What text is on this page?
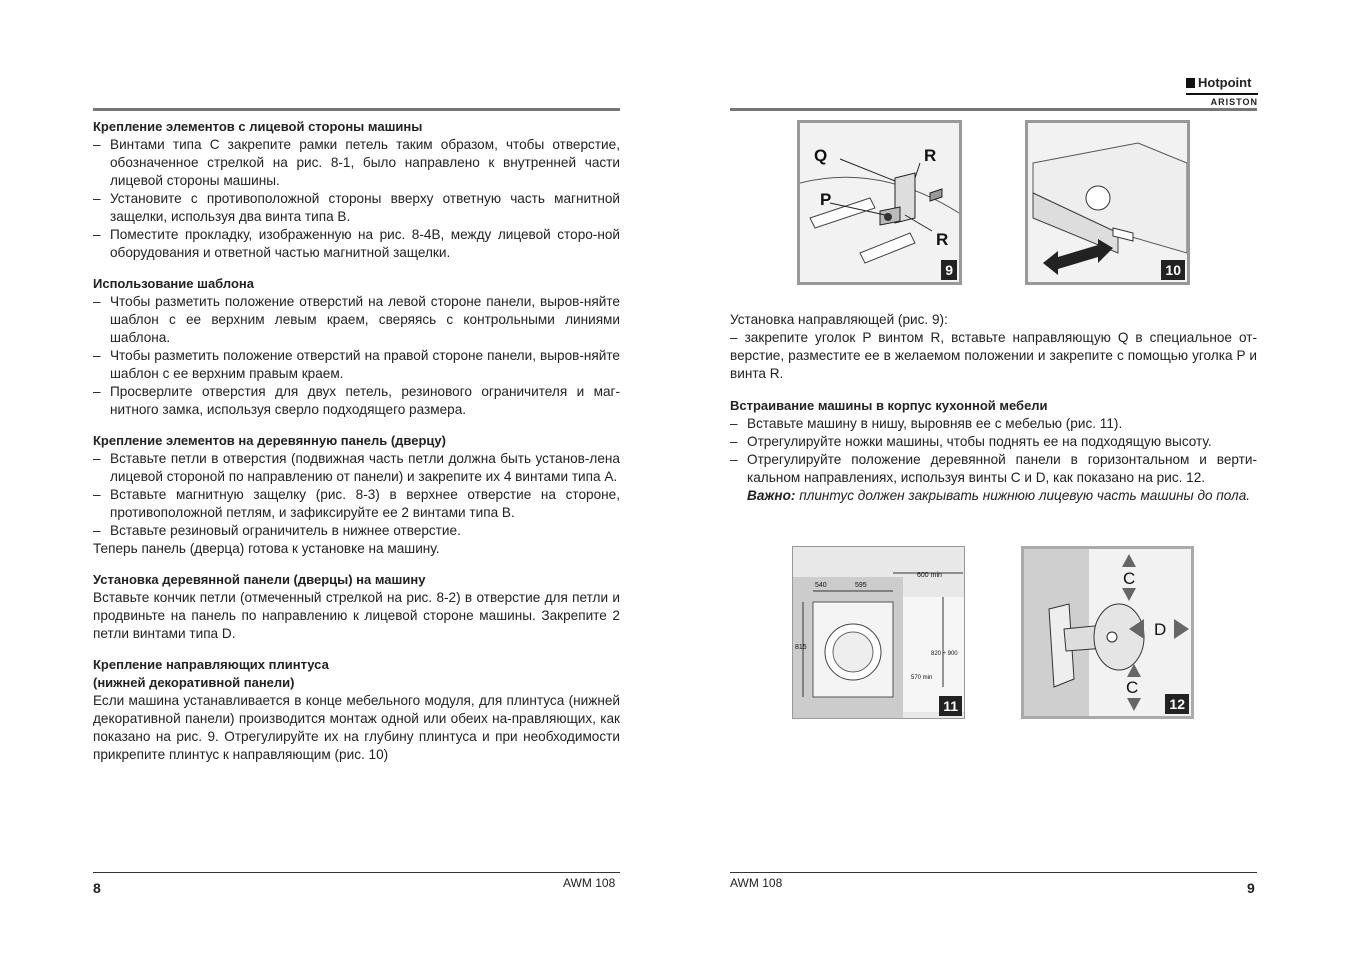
Крепление элементов с лицевой стороны машины
– Винтами типа C закрепите рамки петель таким образом, чтобы отверстие, обозначенное стрелкой на рис. 8-1, было направлено к внутренней части лицевой стороны машины.
– Установите с противоположной стороны вверху ответную часть магнитной защелки, используя два винта типа B.
– Поместите прокладку, изображенную на рис. 8-4B, между лицевой сторо-ной оборудования и ответной частью магнитной защелки.
Использование шаблона
– Чтобы разметить положение отверстий на левой стороне панели, выров-няйте шаблон с ее верхним левым краем, сверяясь с контрольными линиями шаблона.
– Чтобы разметить положение отверстий на правой стороне панели, выров-няйте шаблон с ее верхним правым краем.
– Просверлите отверстия для двух петель, резинового ограничителя и маг-нитного замка, используя сверло подходящего размера.
Крепление элементов на деревянную панель (дверцу)
– Вставьте петли в отверстия (подвижная часть петли должна быть установ-лена лицевой стороной по направлению от панели) и закрепите их 4 винтами типа A.
– Вставьте магнитную защелку (рис. 8-3) в верхнее отверстие на стороне, противоположной петлям, и зафиксируйте ее 2 винтами типа B.
– Вставьте резиновый ограничитель в нижнее отверстие.

Теперь панель (дверца) готова к установке на машину.

Установка деревянной панели (дверцы) на машину

Вставьте кончик петли (отмеченный стрелкой на рис. 8-2) в отверстие для петли и продвиньте на панель по направлению к лицевой стороне машины. Закрепите 2 петли винтами типа D.

Крепление направляющих плинтуса
(нижней декоративной панели)

Если машина устанавливается в конце мебельного модуля, для плинтуса (нижней декоративной панели) производится монтаж одной или обеих на-правляющих, как показано на рис. 9. Отрегулируйте их на глубину плинтуса и при необходимости прикрепите плинтус к направляющим (рис. 10)

8	AWM 108
Hotpoint
ARISTON
Q	R
P
R
9	10

Установка направляющей (рис. 9):

– закрепите уголок P винтом R, вставьте направляющую Q в специальное от-верстие, разместите ее в желаемом положении и закрепите с помощью уголка P и винта R.

Встраивание машины в корпус кухонной мебели
– Вставьте машину в нишу, выровняв ее с мебелью (рис. 11).
– Отрегулируйте ножки машины, чтобы поднять ее на подходящую высоту.
– Отрегулируйте положение деревянной панели в горизонтальном и верти-кальном направлениях, используя винты C и D, как показано на рис. 12.

Важно: плинтус должен закрывать нижнюю лицевую часть машины до пола.

540	595
600 min
815
820 ÷ 900
570 min
11
C
D
C
12
AWM 108	9
